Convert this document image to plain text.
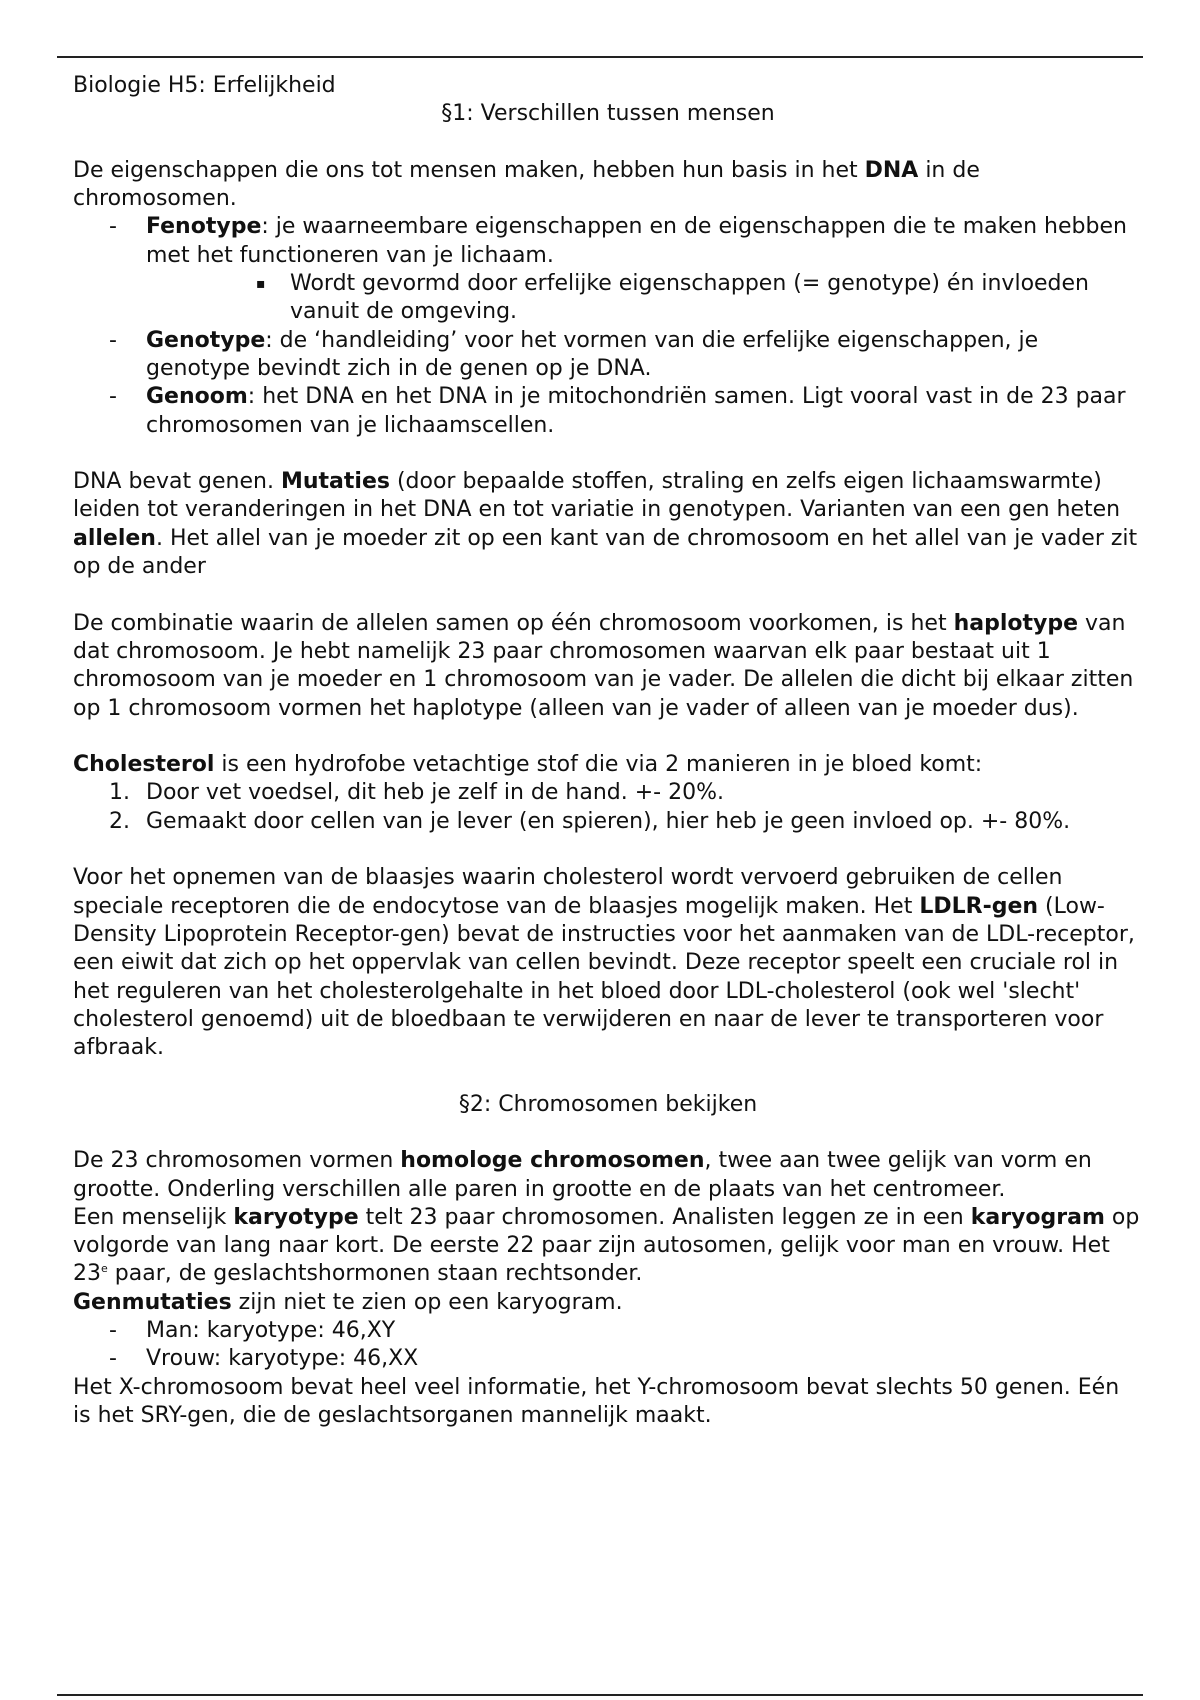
Biologie H5: Erfelijkheid

§1: Verschillen tussen mensen

De eigenschappen die ons tot mensen maken, hebben hun basis in het DNA in de chromosomen.

- Fenotype: je waarneembare eigenschappen en de eigenschappen die te maken hebben met het functioneren van je lichaam.
▪ Wordt gevormd door erfelijke eigenschappen (= genotype) én invloeden vanuit de omgeving.
- Genotype: de ‘handleiding’ voor het vormen van die erfelijke eigenschappen, je genotype bevindt zich in de genen op je DNA.
- Genoom: het DNA en het DNA in je mitochondriën samen. Ligt vooral vast in de 23 paar chromosomen van je lichaamscellen.

DNA bevat genen. Mutaties (door bepaalde stoffen, straling en zelfs eigen lichaamswarmte) leiden tot veranderingen in het DNA en tot variatie in genotypen. Varianten van een gen heten allelen. Het allel van je moeder zit op een kant van de chromosoom en het allel van je vader zit op de ander

De combinatie waarin de allelen samen op één chromosoom voorkomen, is het haplotype van dat chromosoom. Je hebt namelijk 23 paar chromosomen waarvan elk paar bestaat uit 1 chromosoom van je moeder en 1 chromosoom van je vader. De allelen die dicht bij elkaar zitten op 1 chromosoom vormen het haplotype (alleen van je vader of alleen van je moeder dus).

Cholesterol is een hydrofobe vetachtige stof die via 2 manieren in je bloed komt:

1. Door vet voedsel, dit heb je zelf in de hand. +- 20%.
2. Gemaakt door cellen van je lever (en spieren), hier heb je geen invloed op. +- 80%.

Voor het opnemen van de blaasjes waarin cholesterol wordt vervoerd gebruiken de cellen speciale receptoren die de endocytose van de blaasjes mogelijk maken. Het LDLR-gen (Low-Density Lipoprotein Receptor-gen) bevat de instructies voor het aanmaken van de LDL-receptor, een eiwit dat zich op het oppervlak van cellen bevindt. Deze receptor speelt een cruciale rol in het reguleren van het cholesterolgehalte in het bloed door LDL-cholesterol (ook wel 'slecht' cholesterol genoemd) uit de bloedbaan te verwijderen en naar de lever te transporteren voor afbraak.

§2: Chromosomen bekijken

De 23 chromosomen vormen homologe chromosomen, twee aan twee gelijk van vorm en grootte. Onderling verschillen alle paren in grootte en de plaats van het centromeer.

Een menselijk karyotype telt 23 paar chromosomen. Analisten leggen ze in een karyogram op volgorde van lang naar kort. De eerste 22 paar zijn autosomen, gelijk voor man en vrouw. Het 23e paar, de geslachtshormonen staan rechtsonder.

Genmutaties zijn niet te zien op een karyogram.

- Man: karyotype: 46,XY
- Vrouw: karyotype: 46,XX

Het X-chromosoom bevat heel veel informatie, het Y-chromosoom bevat slechts 50 genen. Eén is het SRY-gen, die de geslachtsorganen mannelijk maakt.
